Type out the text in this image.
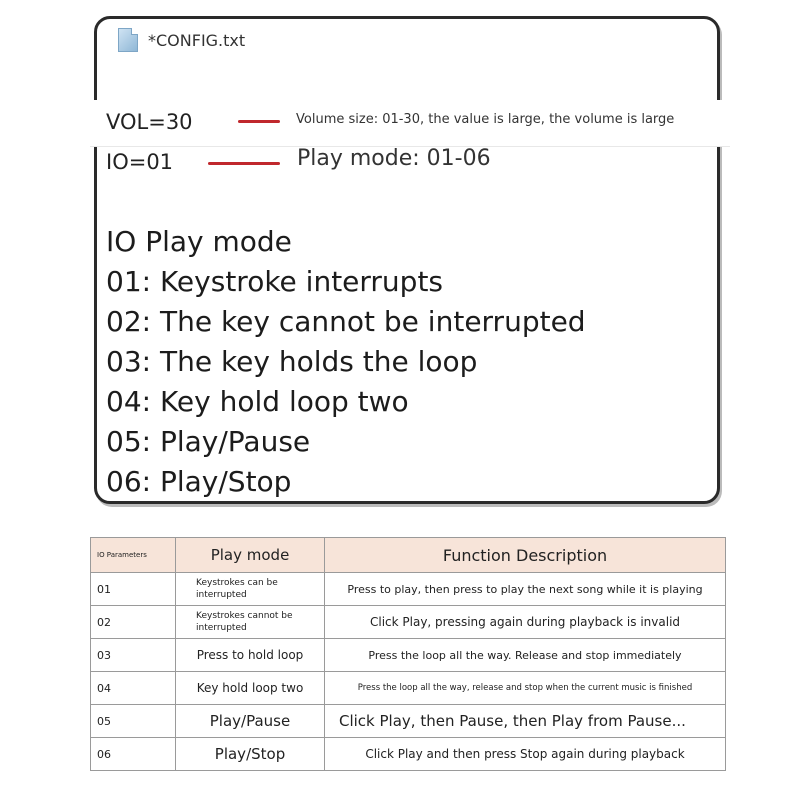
*CONFIG.txt
VOL=30	Volume size: 01-30, the value is large, the volume is large
IO=01	Play mode: 01-06
IO Play mode
01: Keystroke interrupts
02: The key cannot be interrupted
03: The key holds the loop
04: Key hold loop two
05: Play/Pause
06: Play/Stop
IO Parameters	Play mode	Function Description
01	Keystrokes can be interrupted	Press to play, then press to play the next song while it is playing
02	Keystrokes cannot be interrupted	Click Play, pressing again during playback is invalid
03	Press to hold loop	Press the loop all the way. Release and stop immediately
04	Key hold loop two	Press the loop all the way, release and stop when the current music is finished
05	Play/Pause	Click Play, then Pause, then Play from Pause...
06	Play/Stop	Click Play and then press Stop again during playback
